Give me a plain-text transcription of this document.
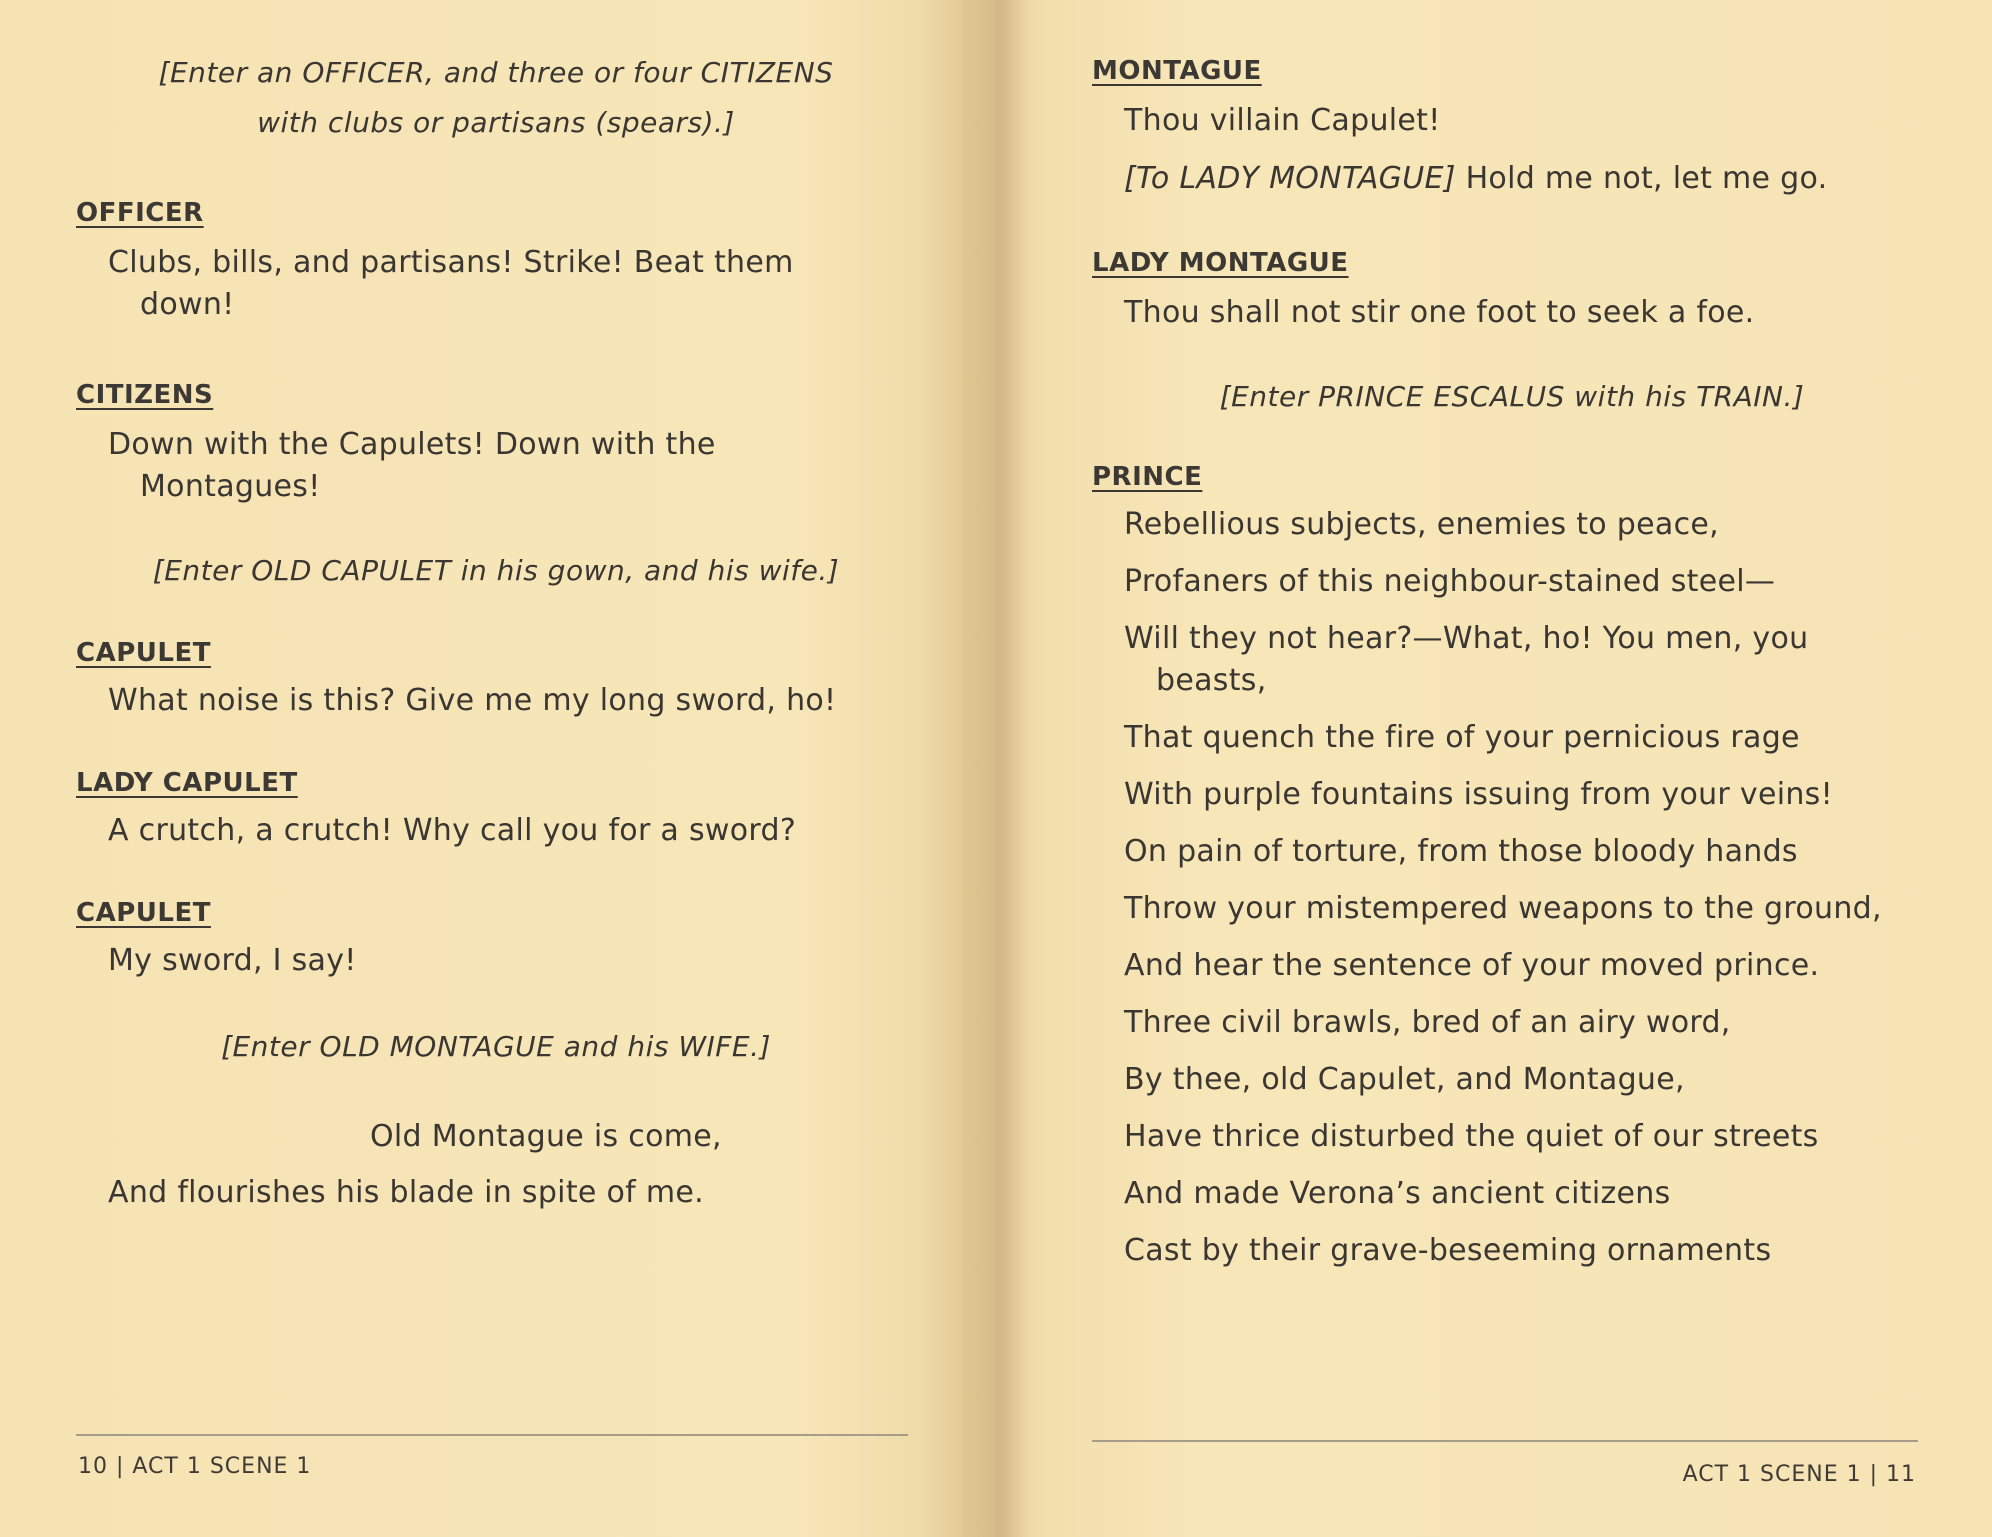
[Enter an OFFICER, and three or four CITIZENS with clubs or partisans (spears).]
OFFICER
Clubs, bills, and partisans! Strike! Beat them down!
CITIZENS
Down with the Capulets! Down with the Montagues!
[Enter OLD CAPULET in his gown, and his wife.]
CAPULET
What noise is this? Give me my long sword, ho!
LADY CAPULET
A crutch, a crutch! Why call you for a sword?
CAPULET
My sword, I say!
[Enter OLD MONTAGUE and his WIFE.]
Old Montague is come,
And flourishes his blade in spite of me.
10 | ACT 1 SCENE 1
MONTAGUE
Thou villain Capulet!
[To LADY MONTAGUE] Hold me not, let me go.
LADY MONTAGUE
Thou shall not stir one foot to seek a foe.
[Enter PRINCE ESCALUS with his TRAIN.]
PRINCE
Rebellious subjects, enemies to peace,
Profaners of this neighbour-stained steel—
Will they not hear?—What, ho! You men, you beasts,
That quench the fire of your pernicious rage
With purple fountains issuing from your veins!
On pain of torture, from those bloody hands
Throw your mistempered weapons to the ground,
And hear the sentence of your moved prince.
Three civil brawls, bred of an airy word,
By thee, old Capulet, and Montague,
Have thrice disturbed the quiet of our streets
And made Verona’s ancient citizens
Cast by their grave-beseeming ornaments
ACT 1 SCENE 1 | 11
